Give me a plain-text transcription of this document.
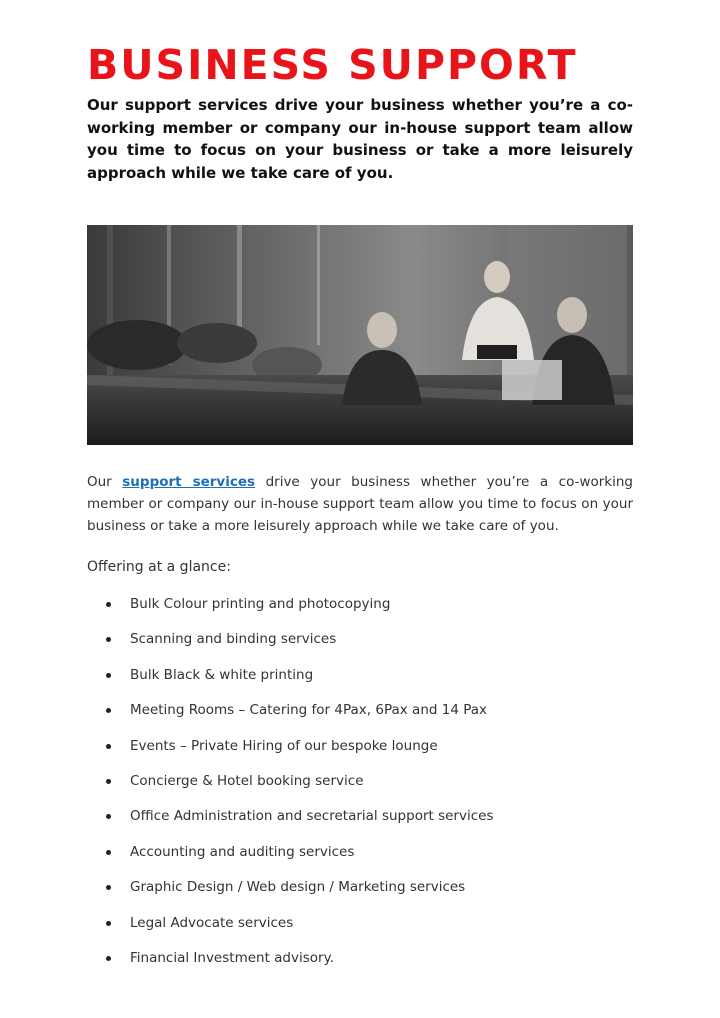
BUSINESS SUPPORT

Our support services drive your business whether you’re a co-working member or company our in-house support team allow you time to focus on your business or take a more leisurely approach while we take care of you.

Our support services drive your business whether you’re a co-working member or company our in-house support team allow you time to focus on your business or take a more leisurely approach while we take care of you.

Offering at a glance:

Bulk Colour printing and photocopying
Scanning and binding services
Bulk Black & white printing
Meeting Rooms – Catering for 4Pax, 6Pax and 14 Pax
Events – Private Hiring of our bespoke lounge
Concierge & Hotel booking service
Office Administration and secretarial support services
Accounting and auditing services
Graphic Design / Web design / Marketing services
Legal Advocate services
Financial Investment advisory.
